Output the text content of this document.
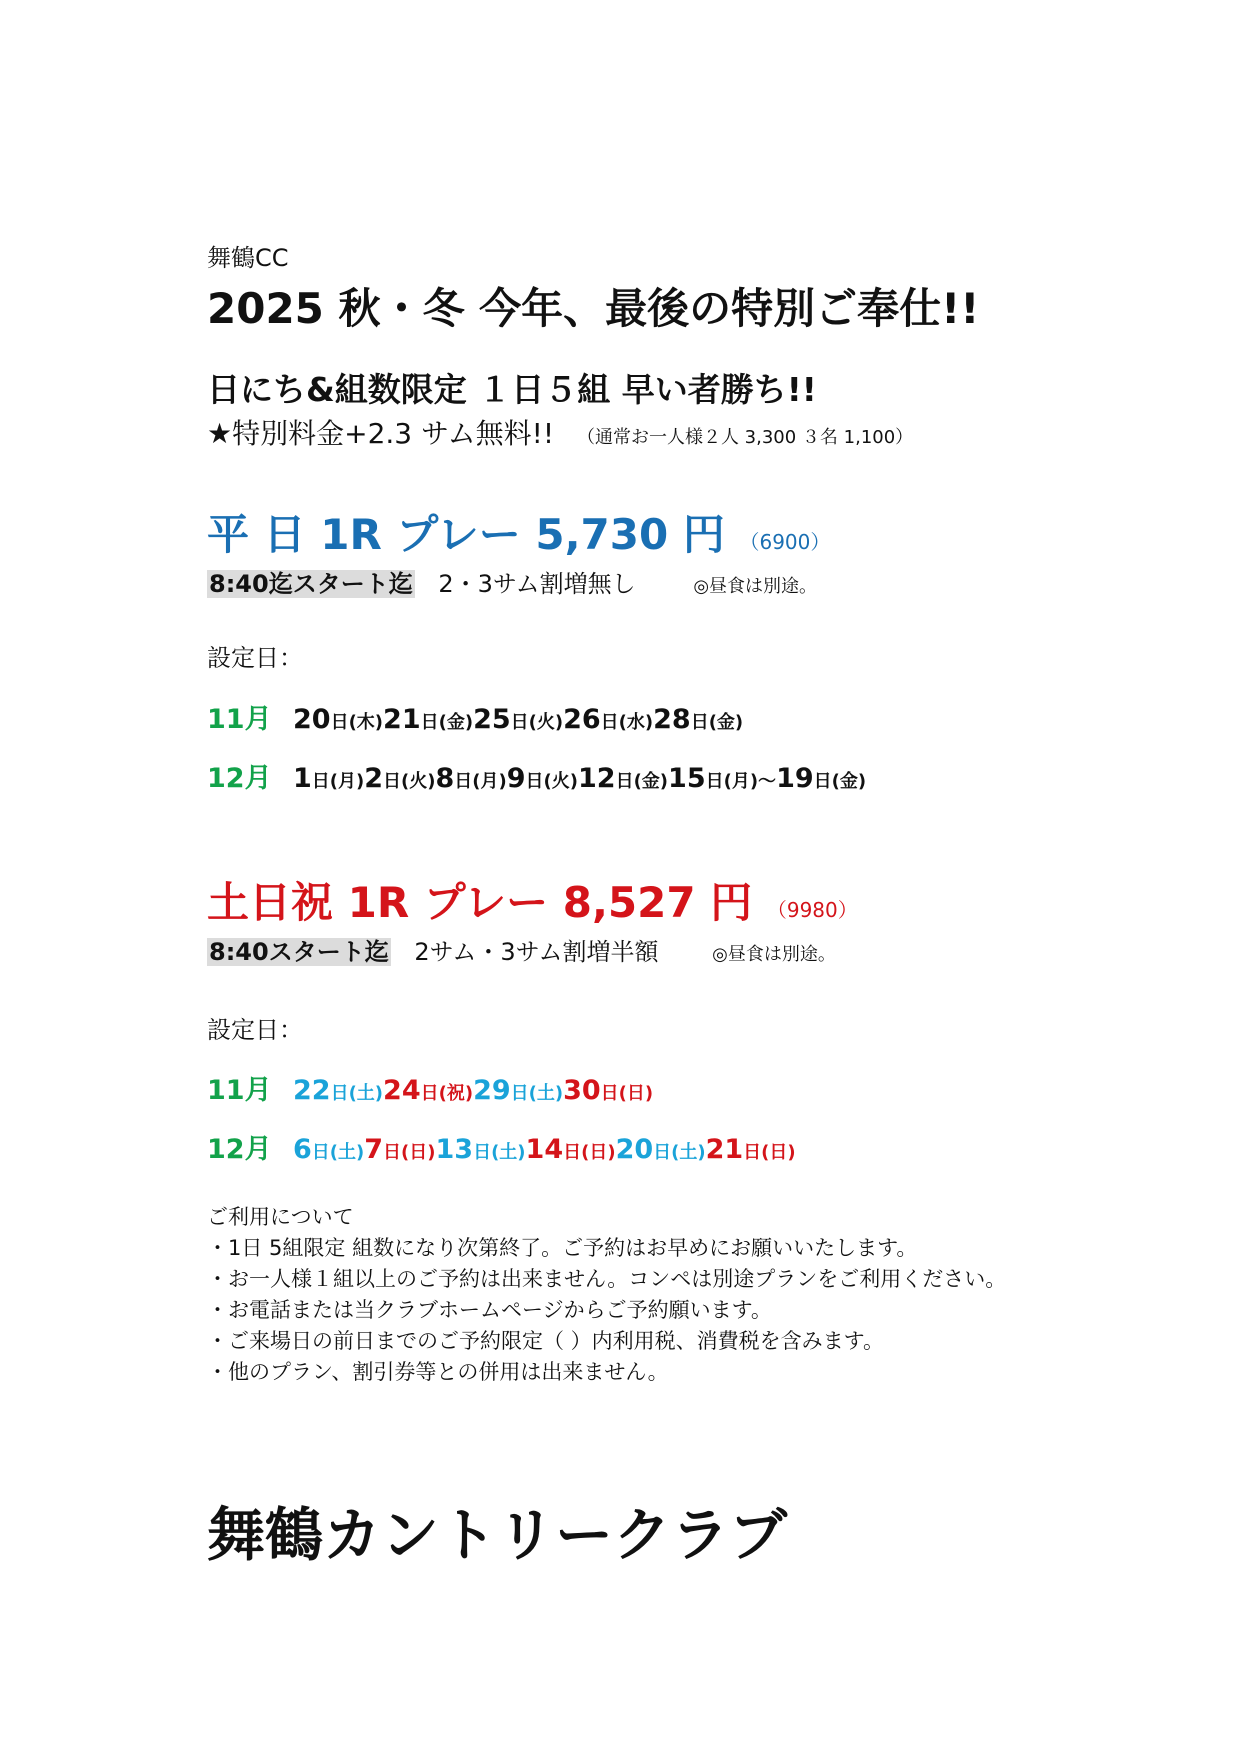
舞鶴CC
2025 秋・冬 今年、最後の特別ご奉仕!!
日にち&組数限定 １日５組 早い者勝ち!!
★特別料金+2.3 サム無料!! （通常お一人様２人 3,300 ３名 1,100）
平 日 1R プレー 5,730 円 （6900）
8:40迄スタート迄 2・3サム割増無し	◎昼食は別途。
設定日：
11月 20日(木)21日(金)25日(火)26日(水)28日(金)
12月 1日(月)2日(火)8日(月)9日(火)12日(金)15日(月)～19日(金)
土日祝 1R プレー 8,527 円 （9980）
8:40スタート迄 2サム・3サム割増半額	◎昼食は別途。
設定日：
11月 22日(土)24日(祝)29日(土)30日(日)
12月 6日(土)7日(日)13日(土)14日(日)20日(土)21日(日)
ご利用について
・1日 5組限定 組数になり次第終了。ご予約はお早めにお願いいたします。
・お一人様１組以上のご予約は出来ません。コンペは別途プランをご利用ください。
・お電話または当クラブホームページからご予約願います。
・ご来場日の前日までのご予約限定（ ）内利用税、消費税を含みます。
・他のプラン、割引券等との併用は出来ません。
舞鶴カントリークラブ
